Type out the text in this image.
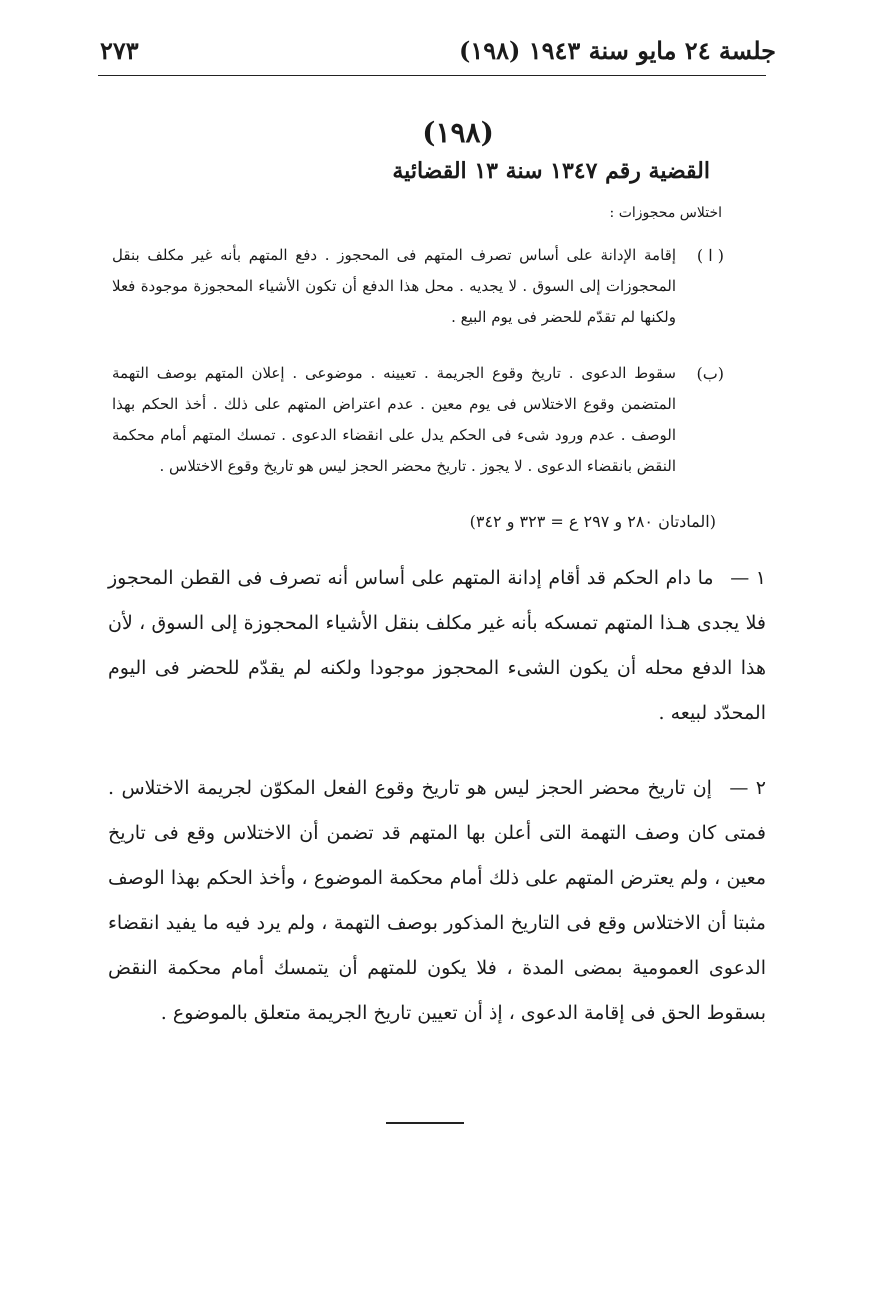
جلسة ٢٤ مايو سنة ١٩٤٣ (١٩٨)
٢٧٣
(١٩٨)
القضية رقم ١٣٤٧ سنة ١٣ القضائية
اختلاس محجوزات :
( ا )
إقامة الإدانة على أساس تصرف المتهم فى المحجوز . دفع المتهم بأنه غير مكلف بنقل المحجوزات إلى السوق . لا يجديه . محل هذا الدفع أن تكون الأشياء المحجوزة موجودة فعلا ولكنها لم تقدّم للحضر فى يوم البيع .
(ب)
سقوط الدعوى . تاريخ وقوع الجريمة . تعيينه . موضوعى . إعلان المتهم بوصف التهمة المتضمن وقوع الاختلاس فى يوم معين . عدم اعتراض المتهم على ذلك . أخذ الحكم بهذا الوصف . عدم ورود شىء فى الحكم يدل على انقضاء الدعوى . تمسك المتهم أمام محكمة النقض بانقضاء الدعوى . لا يجوز . تاريخ محضر الحجز ليس هو تاريخ وقوع الاختلاس .
(المادتان ٢٨٠ و ٢٩٧ ع = ٣٢٣ و ٣٤٢)
١ — ما دام الحكم قد أقام إدانة المتهم على أساس أنه تصرف فى القطن المحجوز فلا يجدى هـذا المتهم تمسكه بأنه غير مكلف بنقل الأشياء المحجوزة إلى السوق ، لأن هذا الدفع محله أن يكون الشىء المحجوز موجودا ولكنه لم يقدّم للحضر فى اليوم المحدّد لبيعه .
٢ — إن تاريخ محضر الحجز ليس هو تاريخ وقوع الفعل المكوّن لجريمة الاختلاس . فمتى كان وصف التهمة التى أعلن بها المتهم قد تضمن أن الاختلاس وقع فى تاريخ معين ، ولم يعترض المتهم على ذلك أمام محكمة الموضوع ، وأخذ الحكم بهذا الوصف مثبتا أن الاختلاس وقع فى التاريخ المذكور بوصف التهمة ، ولم يرد فيه ما يفيد انقضاء الدعوى العمومية بمضى المدة ، فلا يكون للمتهم أن يتمسك أمام محكمة النقض بسقوط الحق فى إقامة الدعوى ، إذ أن تعيين تاريخ الجريمة متعلق بالموضوع .
